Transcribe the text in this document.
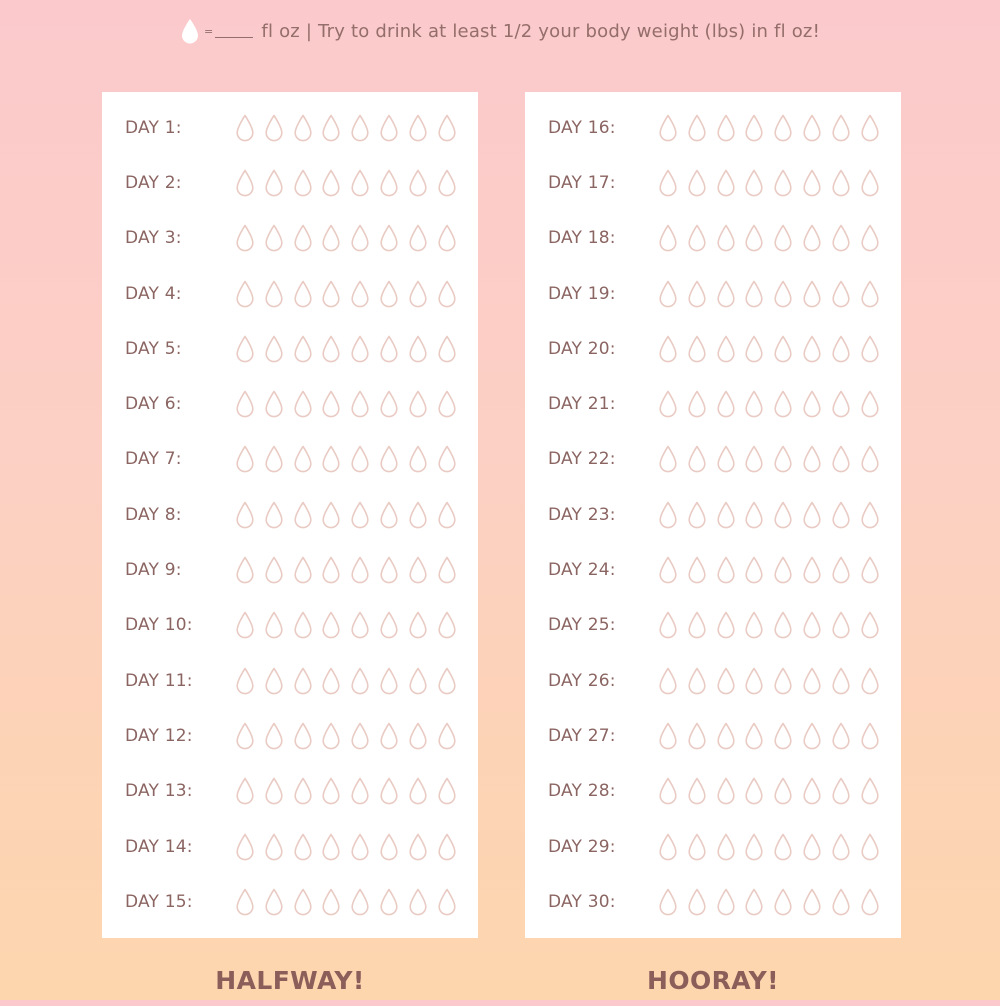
=	fl oz | Try to drink at least 1/2 your body weight (lbs) in fl oz!
DAY 1:
DAY 2:
DAY 3:
DAY 4:
DAY 5:
DAY 6:
DAY 7:
DAY 8:
DAY 9:
DAY 10:
DAY 11:
DAY 12:
DAY 13:
DAY 14:
DAY 15:
DAY 16:
DAY 17:
DAY 18:
DAY 19:
DAY 20:
DAY 21:
DAY 22:
DAY 23:
DAY 24:
DAY 25:
DAY 26:
DAY 27:
DAY 28:
DAY 29:
DAY 30:
HALFWAY!	HOORAY!
